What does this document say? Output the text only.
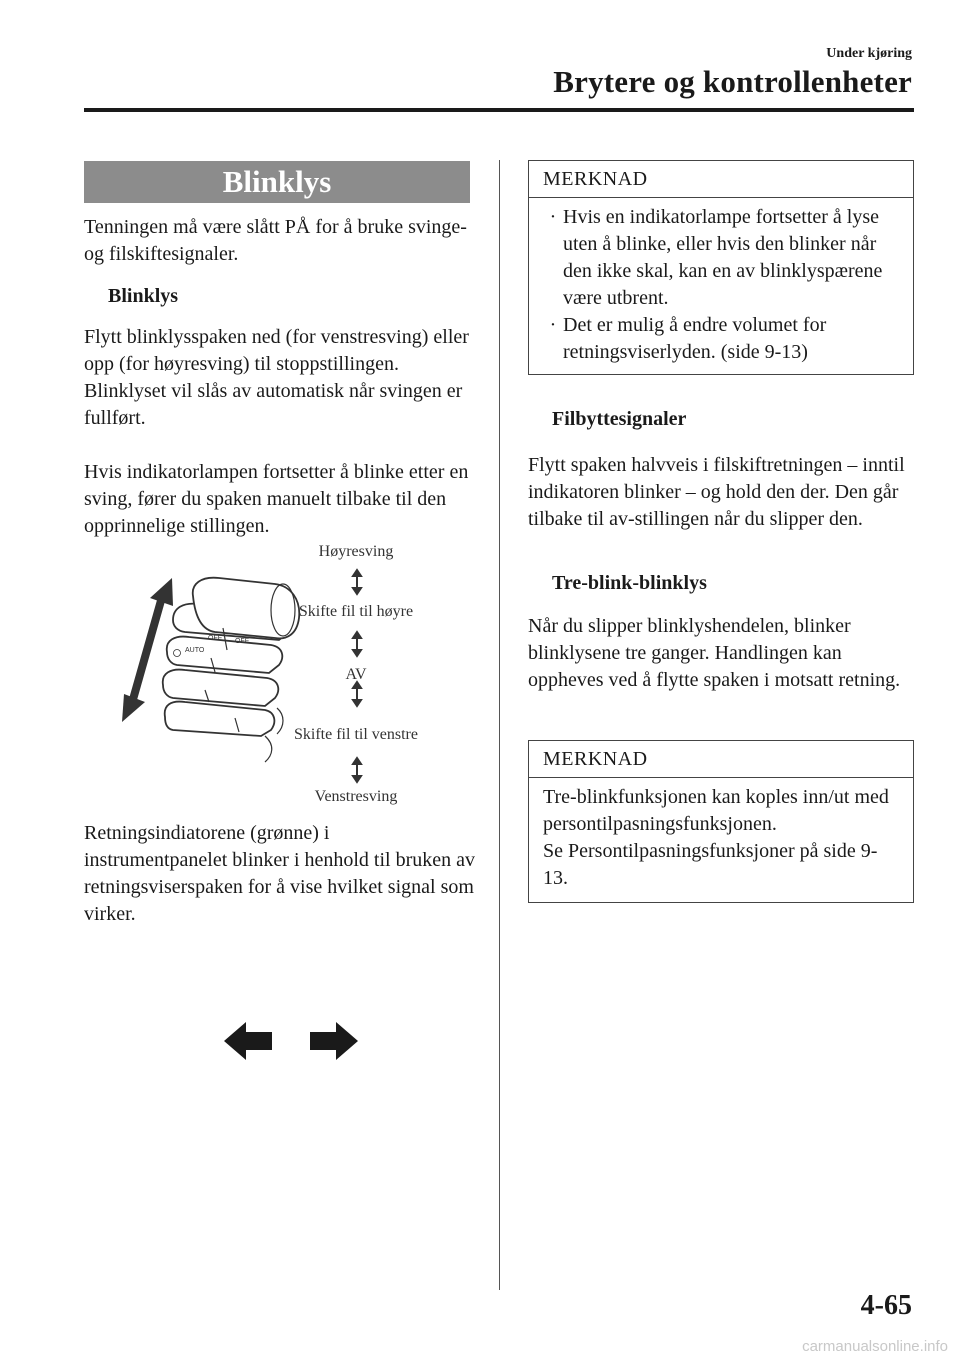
Under kjøring
Brytere og kontrollenheter
Blinklys

Tenningen må være slått PÅ for å bruke svinge- og filskiftesignaler.

Blinklys

Flytt blinklysspaken ned (for venstresving) eller opp (for høyresving) til stoppstillingen. Blinklyset vil slås av automatisk når svingen er fullført.

Hvis indikatorlampen fortsetter å blinke etter en sving, fører du spaken manuelt tilbake til den opprinnelige stillingen.

AUTO
OFF OFF
Høyresving
Skifte fil til høyre
AV
Skifte fil til venstre
Venstresving

Retningsindiatorene (grønne) i instrumentpanelet blinker i henhold til bruken av retningsviserspaken for å vise hvilket signal som virker.

MERKNAD
· Hvis en indikatorlampe fortsetter å lyse uten å blinke, eller hvis den blinker når den ikke skal, kan en av blinklyspærene være utbrent.
· Det er mulig å endre volumet for retningsviserlyden. (side 9-13)

Filbyttesignaler

Flytt spaken halvveis i filskiftretningen – inntil indikatoren blinker – og hold den der. Den går tilbake til av-stillingen når du slipper den.

Tre-blink-blinklys

Når du slipper blinklyshendelen, blinker blinklysene tre ganger. Handlingen kan oppheves ved å flytte spaken i motsatt retning.

MERKNAD
Tre-blinkfunksjonen kan koples inn/ut med persontilpasningsfunksjonen.
Se Persontilpasningsfunksjoner på side 9-13.
4-65
carmanualsonline.info
